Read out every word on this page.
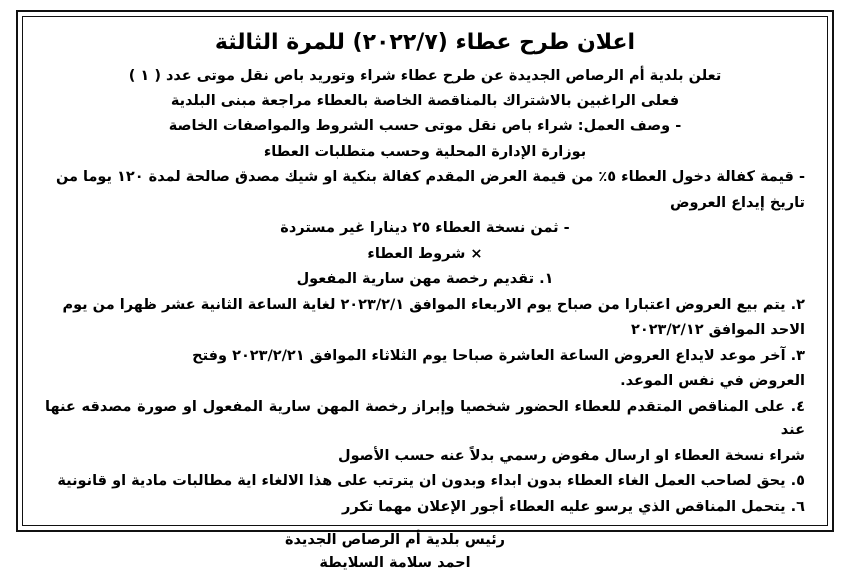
اعلان طرح عطاء (٢٠٢٢/٧) للمرة الثالثة

تعلن بلدية أم الرصاص الجديدة عن طرح عطاء شراء وتوريد باص نقل موتى عدد ( ١ )

فعلى الراغبين بالاشتراك بالمناقصة الخاصة بالعطاء مراجعة مبنى البلدية

- وصف العمل: شراء باص نقل موتى حسب الشروط والمواصفات الخاصة

بوزارة الإدارة المحلية وحسب متطلبات العطاء

- قيمة كفالة دخول العطاء ٥٪ من قيمة العرض المقدم كفالة بنكية او شيك مصدق صالحة لمدة ١٢٠ يوما من

تاريخ إيداع العروض

- ثمن نسخة العطاء ٢٥ دينارا غير مستردة

× شروط العطاء

١. تقديم رخصة مهن سارية المفعول

٢. يتم بيع العروض اعتبارا من صباح يوم الاربعاء الموافق ٢٠٢٣/٢/١ لغاية الساعة الثانية عشر ظهرا من يوم

الاحد الموافق ٢٠٢٣/٢/١٢

٣. آخر موعد لايداع العروض الساعة العاشرة صباحا يوم الثلاثاء الموافق ٢٠٢٣/٢/٢١ وفتح

العروض في نفس الموعد.

٤. على المناقص المتقدم للعطاء الحضور شخصيا وإبراز رخصة المهن سارية المفعول او صورة مصدقه عنها عند

شراء نسخة العطاء او ارسال مفوض رسمي بدلاً عنه حسب الأصول

٥. يحق لصاحب العمل الغاء العطاء بدون ابداء وبدون ان يترتب على هذا الالغاء اية مطالبات مادية او قانونية

٦. يتحمل المناقص الذي يرسو عليه العطاء أجور الإعلان مهما تكرر

رئيس بلدية أم الرصاص الجديدة

احمد سلامة السلايطة
